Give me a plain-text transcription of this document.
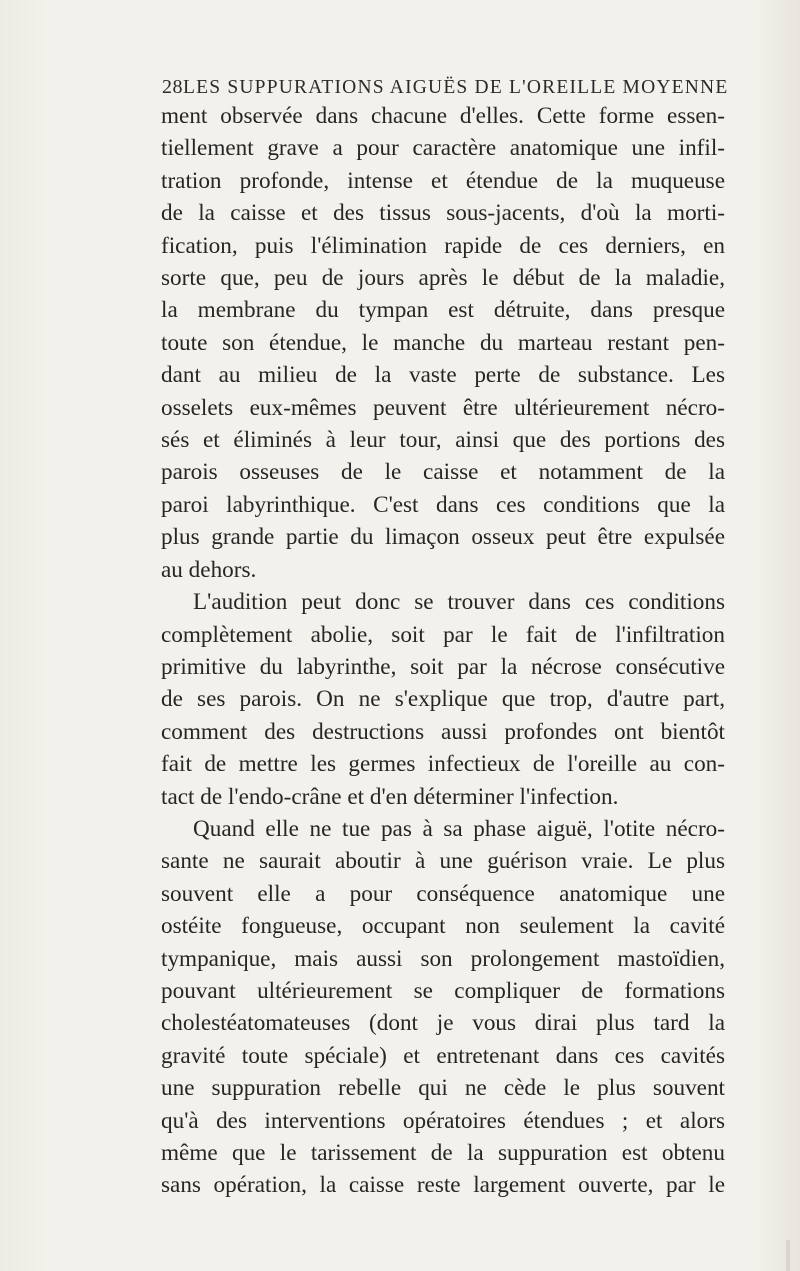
28 LES SUPPURATIONS AIGUËS DE L'OREILLE MOYENNE
ment observée dans chacune d'elles. Cette forme essen-
tiellement grave a pour caractère anatomique une infil-
tration profonde, intense et étendue de la muqueuse
de la caisse et des tissus sous-jacents, d'où la morti-
fication, puis l'élimination rapide de ces derniers, en
sorte que, peu de jours après le début de la maladie,
la membrane du tympan est détruite, dans presque
toute son étendue, le manche du marteau restant pen-
dant au milieu de la vaste perte de substance. Les
osselets eux-mêmes peuvent être ultérieurement nécro-
sés et éliminés à leur tour, ainsi que des portions des
parois osseuses de le caisse et notamment de la
paroi labyrinthique. C'est dans ces conditions que la
plus grande partie du limaçon osseux peut être expulsée
au dehors.
L'audition peut donc se trouver dans ces conditions
complètement abolie, soit par le fait de l'infiltration
primitive du labyrinthe, soit par la nécrose consécutive
de ses parois. On ne s'explique que trop, d'autre part,
comment des destructions aussi profondes ont bientôt
fait de mettre les germes infectieux de l'oreille au con-
tact de l'endo-crâne et d'en déterminer l'infection.
Quand elle ne tue pas à sa phase aiguë, l'otite nécro-
sante ne saurait aboutir à une guérison vraie. Le plus
souvent elle a pour conséquence anatomique une
ostéite fongueuse, occupant non seulement la cavité
tympanique, mais aussi son prolongement mastoïdien,
pouvant ultérieurement se compliquer de formations
cholestéatomateuses (dont je vous dirai plus tard la
gravité toute spéciale) et entretenant dans ces cavités
une suppuration rebelle qui ne cède le plus souvent
qu'à des interventions opératoires étendues ; et alors
même que le tarissement de la suppuration est obtenu
sans opération, la caisse reste largement ouverte, par le
